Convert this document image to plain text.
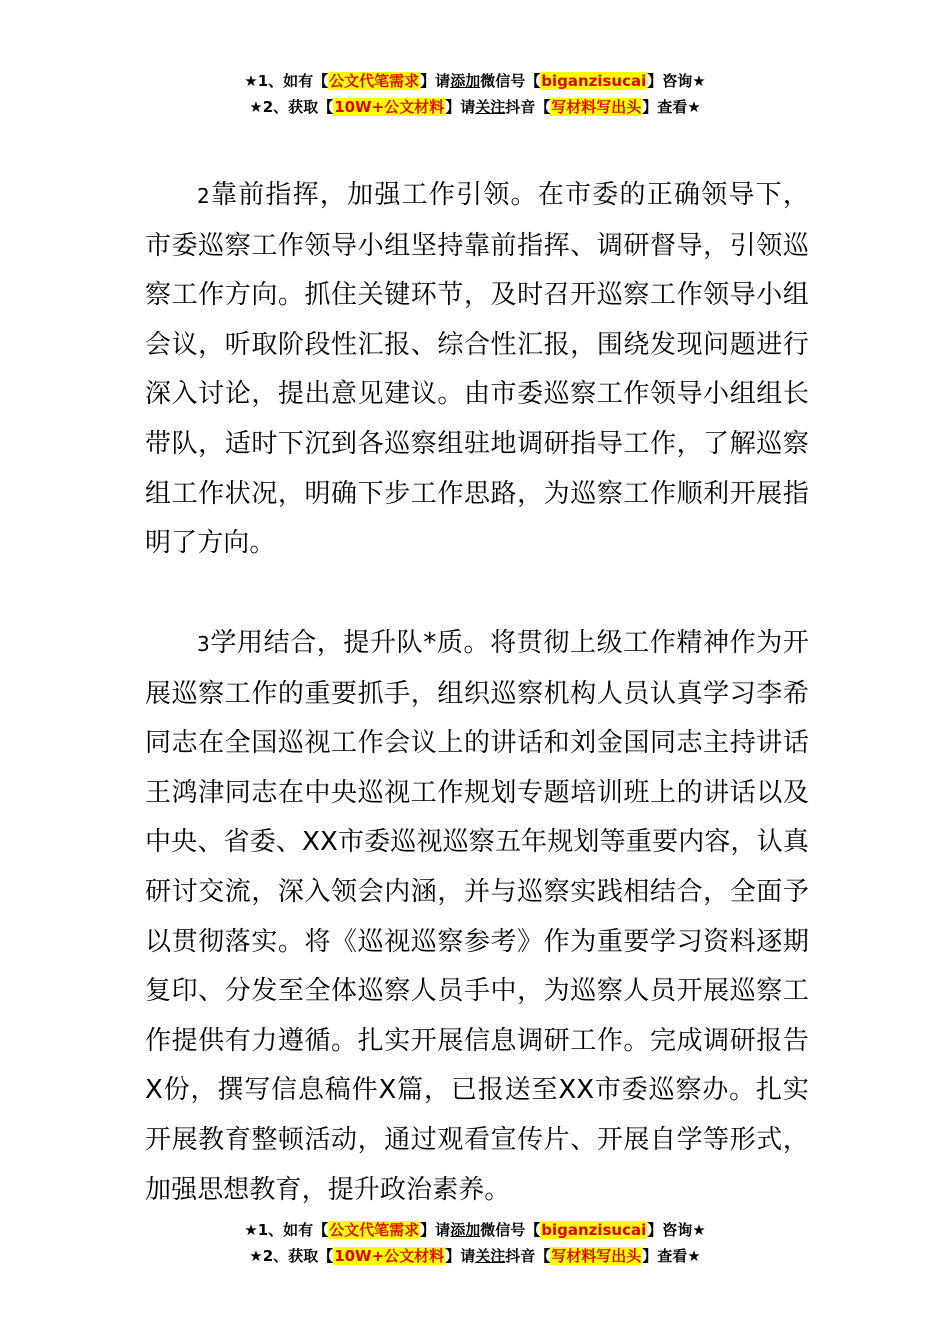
★1、如有【公文代笔需求】请添加微信号【biganzisucai】咨询★
★2、获取【10W+公文材料】请关注抖音【写材料写出头】查看★

2靠前指挥，加强工作引领。在市委的正确领导下，市委巡察工作领导小组坚持靠前指挥、调研督导，引领巡察工作方向。抓住关键环节，及时召开巡察工作领导小组会议，听取阶段性汇报、综合性汇报，围绕发现问题进行深入讨论，提出意见建议。由市委巡察工作领导小组组长带队，适时下沉到各巡察组驻地调研指导工作，了解巡察组工作状况，明确下步工作思路，为巡察工作顺利开展指明了方向。

3学用结合，提升队*质。将贯彻上级工作精神作为开展巡察工作的重要抓手，组织巡察机构人员认真学习李希同志在全国巡视工作会议上的讲话和刘金国同志主持讲话王鸿津同志在中央巡视工作规划专题培训班上的讲话以及中央、省委、XX市委巡视巡察五年规划等重要内容，认真研讨交流，深入领会内涵，并与巡察实践相结合，全面予以贯彻落实。将《巡视巡察参考》作为重要学习资料逐期复印、分发至全体巡察人员手中，为巡察人员开展巡察工作提供有力遵循。扎实开展信息调研工作。完成调研报告X份，撰写信息稿件X篇，已报送至XX市委巡察办。扎实开展教育整顿活动，通过观看宣传片、开展自学等形式，加强思想教育，提升政治素养。

★1、如有【公文代笔需求】请添加微信号【biganzisucai】咨询★
★2、获取【10W+公文材料】请关注抖音【写材料写出头】查看★
